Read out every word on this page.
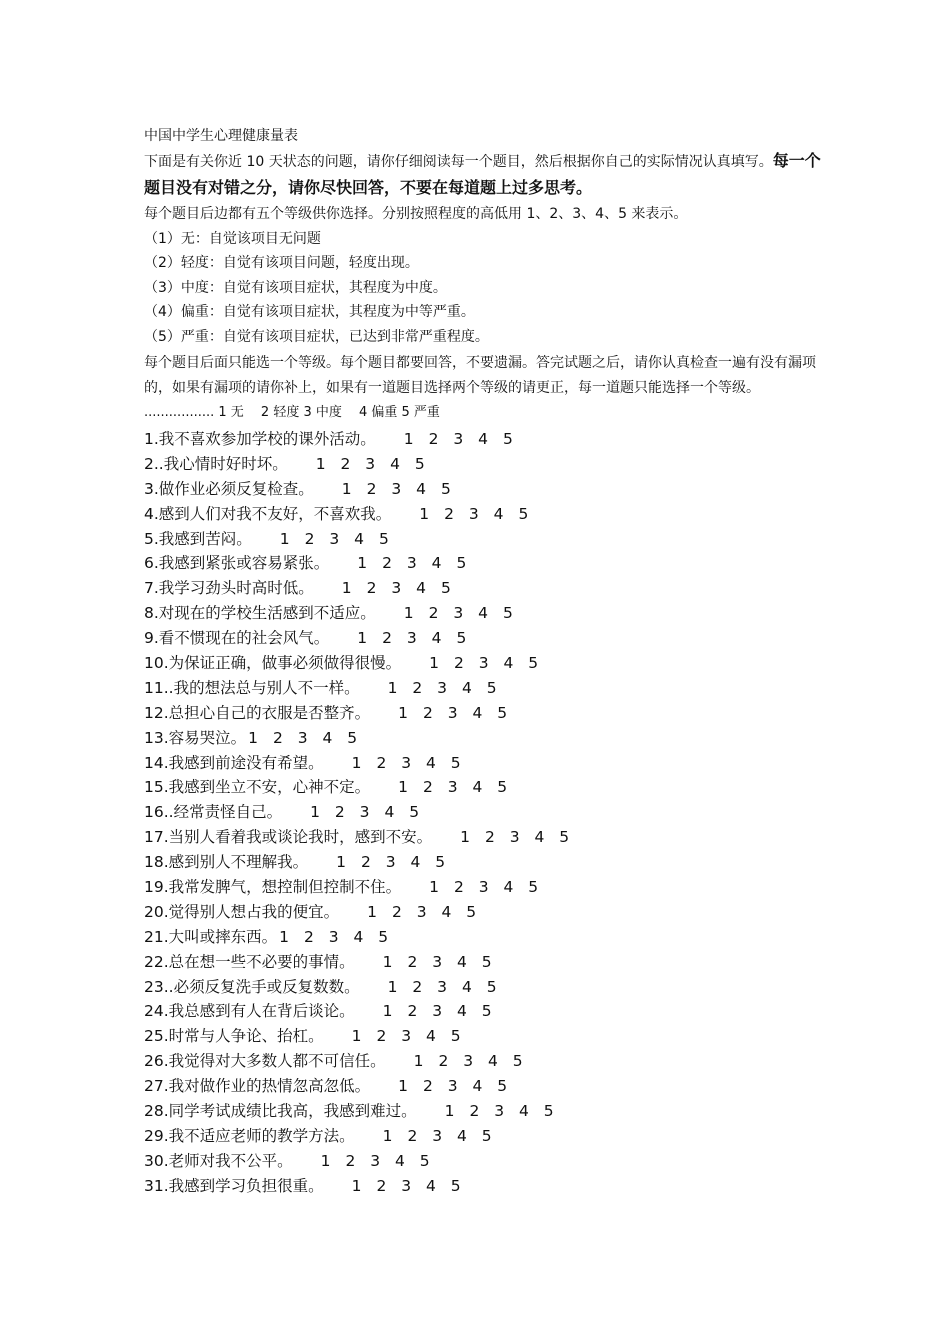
中国中学生心理健康量表
下面是有关你近 10 天状态的问题，请你仔细阅读每一个题目，然后根据你自己的实际情况认真填写。每一个题目没有对错之分，请你尽快回答，不要在每道题上过多思考。
每个题目后边都有五个等级供你选择。分别按照程度的高低用 1、2、3、4、5 来表示。
（1）无：自觉该项目无问题
（2）轻度：自觉有该项目问题，轻度出现。
（3）中度：自觉有该项目症状，其程度为中度。
（4）偏重：自觉有该项目症状，其程度为中等严重。
（5）严重：自觉有该项目症状，已达到非常严重程度。
每个题目后面只能选一个等级。每个题目都要回答，不要遗漏。答完试题之后，请你认真检查一遍有没有漏项的，如果有漏项的请你补上，如果有一道题目选择两个等级的请更正，每一道题只能选择一个等级。
................. 1 无　 2 轻度 3 中度　 4 偏重 5 严重
1.我不喜欢参加学校的课外活动。 1 2 3 4 5
2..我心情时好时坏。 1 2 3 4 5
3.做作业必须反复检查。 1 2 3 4 5
4.感到人们对我不友好，不喜欢我。 1 2 3 4 5
5.我感到苦闷。 1 2 3 4 5
6.我感到紧张或容易紧张。 1 2 3 4 5
7.我学习劲头时高时低。 1 2 3 4 5
8.对现在的学校生活感到不适应。 1 2 3 4 5
9.看不惯现在的社会风气。 1 2 3 4 5
10.为保证正确，做事必须做得很慢。 1 2 3 4 5
11..我的想法总与别人不一样。 1 2 3 4 5
12.总担心自己的衣服是否整齐。 1 2 3 4 5
13.容易哭泣。 1 2 3 4 5
14.我感到前途没有希望。 1 2 3 4 5
15.我感到坐立不安，心神不定。 1 2 3 4 5
16..经常责怪自己。 1 2 3 4 5
17.当别人看着我或谈论我时，感到不安。 1 2 3 4 5
18.感到别人不理解我。 1 2 3 4 5
19.我常发脾气，想控制但控制不住。 1 2 3 4 5
20.觉得别人想占我的便宜。 1 2 3 4 5
21.大叫或摔东西。 1 2 3 4 5
22.总在想一些不必要的事情。 1 2 3 4 5
23..必须反复洗手或反复数数。 1 2 3 4 5
24.我总感到有人在背后谈论。 1 2 3 4 5
25.时常与人争论、抬杠。 1 2 3 4 5
26.我觉得对大多数人都不可信任。 1 2 3 4 5
27.我对做作业的热情忽高忽低。 1 2 3 4 5
28.同学考试成绩比我高，我感到难过。 1 2 3 4 5
29.我不适应老师的教学方法。 1 2 3 4 5
30.老师对我不公平。 1 2 3 4 5
31.我感到学习负担很重。 1 2 3 4 5
